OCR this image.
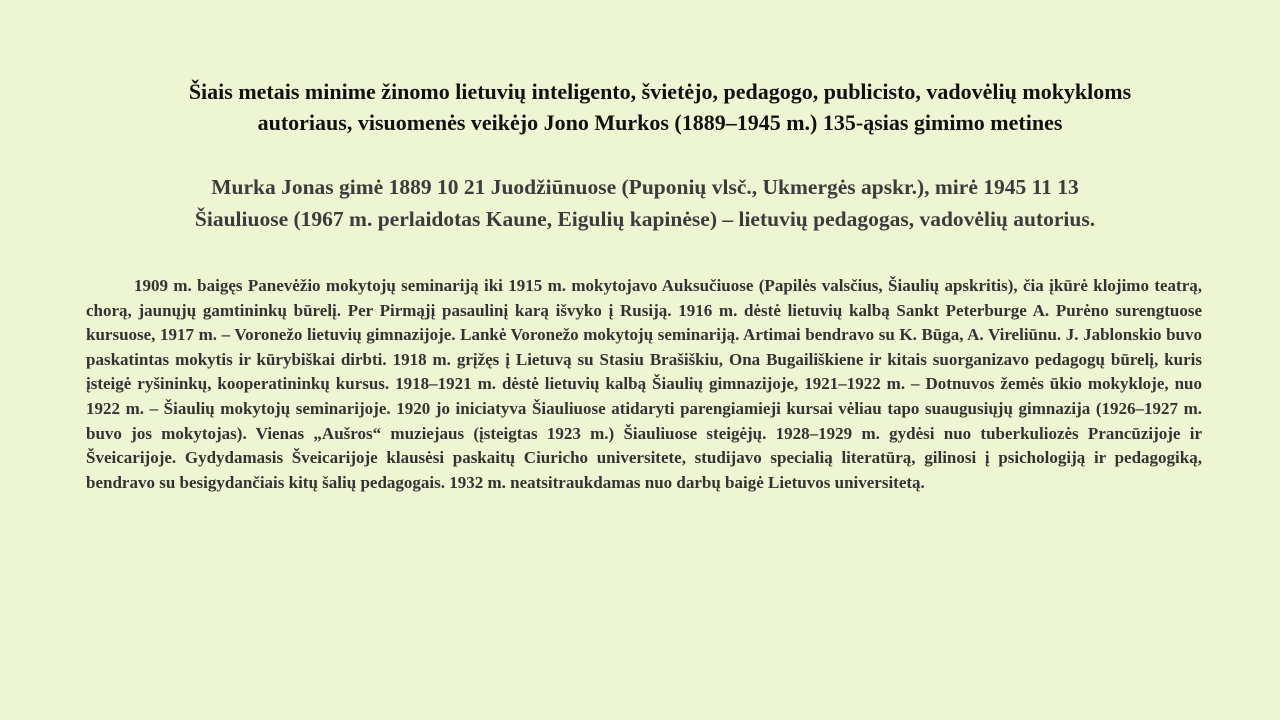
Šiais metais minime žinomo lietuvių inteligento, švietėjo, pedagogo, publicisto, vadovėlių mokykloms
autoriaus, visuomenės veikėjo Jono Murkos (1889–1945 m.) 135-ąsias gimimo metines
Murka Jonas gimė 1889 10 21 Juodžiūnuose (Puponių vlsč., Ukmergės apskr.), mirė 1945 11 13
Šiauliuose (1967 m. perlaidotas Kaune, Eigulių kapinėse) – lietuvių pedagogas, vadovėlių autorius.

1909 m. baigęs Panevėžio mokytojų seminariją iki 1915 m. mokytojavo Auksučiuose (Papilės valsčius, Šiaulių apskritis), čia įkūrė klojimo teatrą, chorą, jaunųjų gamtininkų būrelį. Per Pirmąjį pasaulinį karą išvyko į Rusiją. 1916 m. dėstė lietuvių kalbą Sankt Peterburge A. Purėno surengtuose kursuose, 1917 m. – Voronežo lietuvių gimnazijoje. Lankė Voronežo mokytojų seminariją. Artimai bendravo su K. Būga, A. Vireliūnu. J. Jablonskio buvo paskatintas mokytis ir kūrybiškai dirbti. 1918 m. grįžęs į Lietuvą su Stasiu Brašiškiu, Ona Bugailiškiene ir kitais suorganizavo pedagogų būrelį, kuris įsteigė ryšininkų, kooperatininkų kursus. 1918–1921 m. dėstė lietuvių kalbą Šiaulių gimnazijoje, 1921–1922 m. – Dotnuvos žemės ūkio mokykloje, nuo 1922 m. – Šiaulių mokytojų seminarijoje. 1920 jo iniciatyva Šiauliuose atidaryti parengiamieji kursai vėliau tapo suaugusiųjų gimnazija (1926–1927 m. buvo jos mokytojas). Vienas „Aušros“ muziejaus (įsteigtas 1923 m.) Šiauliuose steigėjų. 1928–1929 m. gydėsi nuo tuberkuliozės Prancūzijoje ir Šveicarijoje. Gydydamasis Šveicarijoje klausėsi paskaitų Ciuricho universitete, studijavo specialią literatūrą, gilinosi į psichologiją ir pedagogiką, bendravo su besigydančiais kitų šalių pedagogais. 1932 m. neatsitraukdamas nuo darbų baigė Lietuvos universitetą.
